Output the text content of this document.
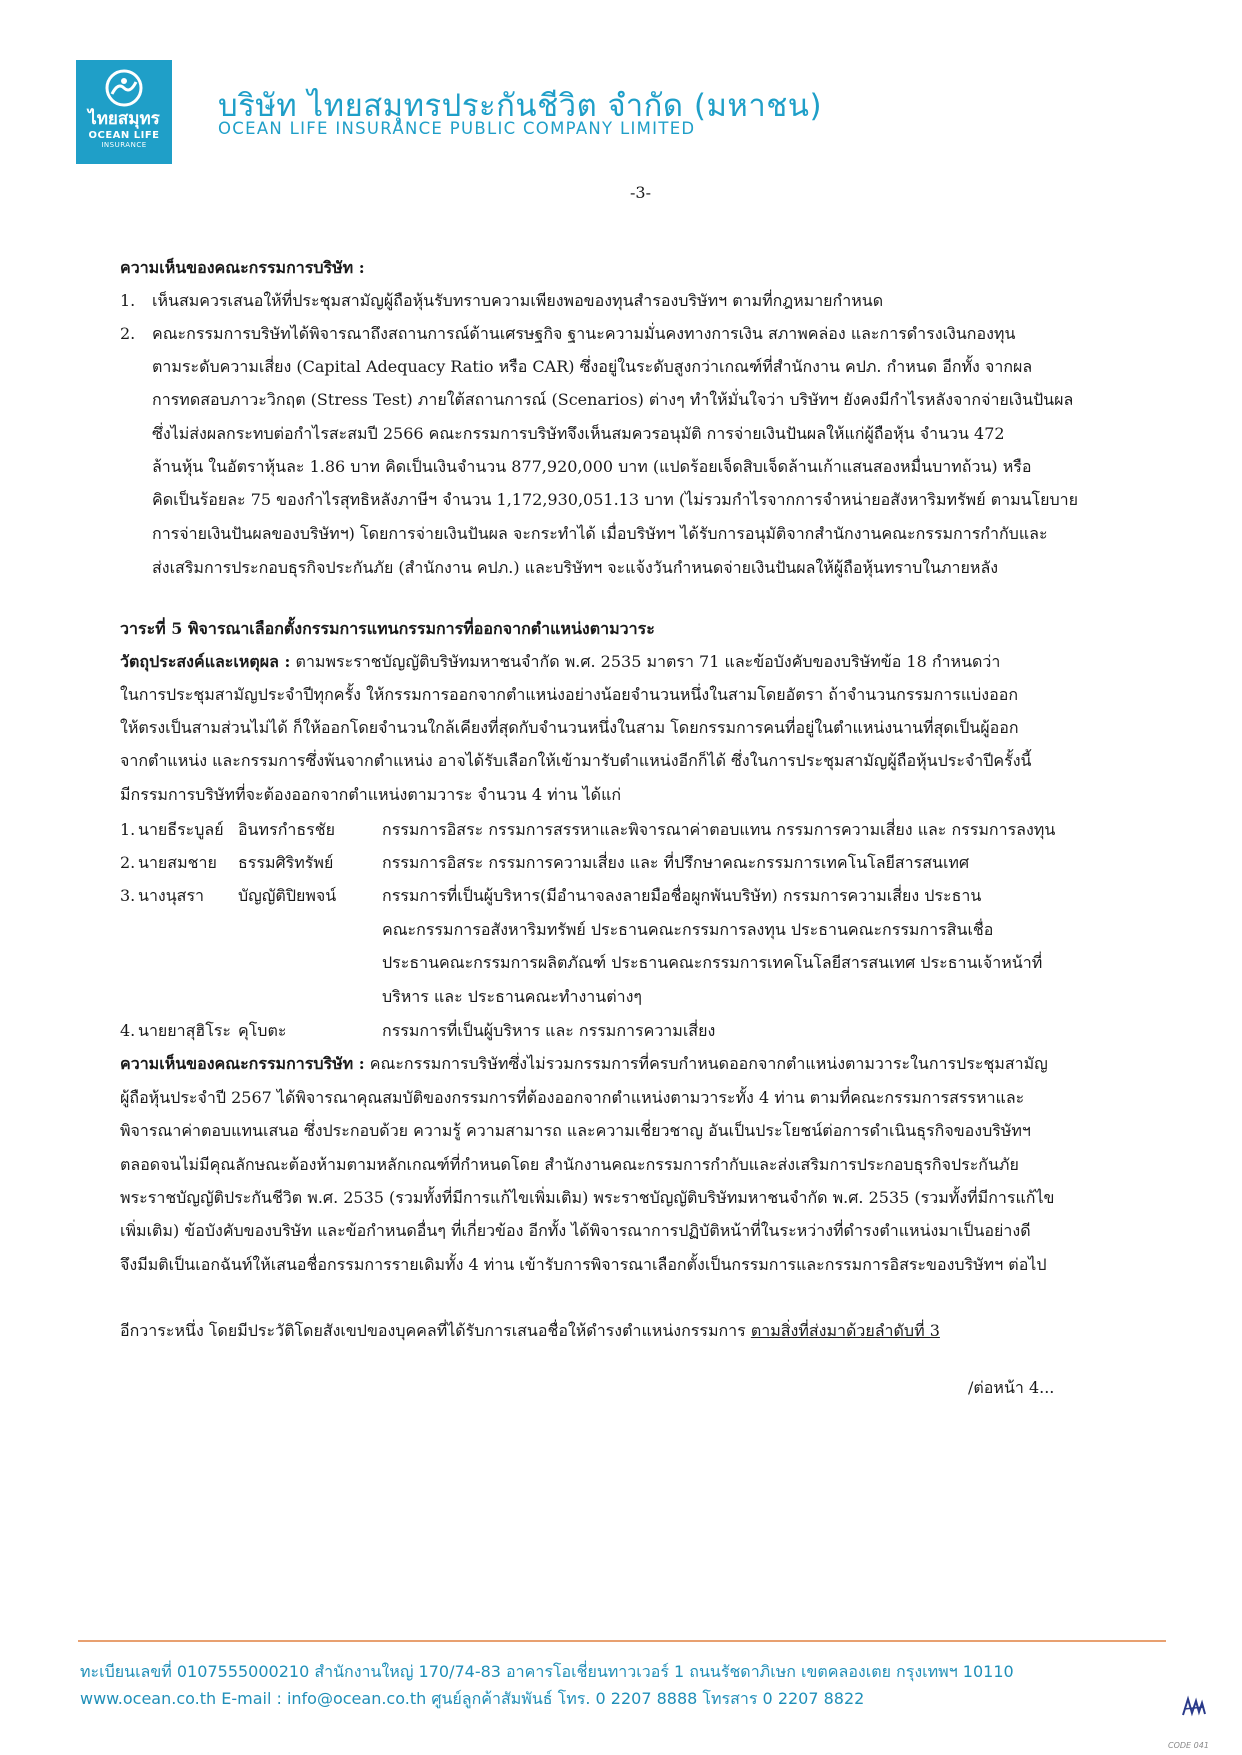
ไทยสมุทร
OCEAN LIFE
INSURANCE
บริษัท ไทยสมุทรประกันชีวิต จำกัด (มหาชน)
OCEAN LIFE INSURANCE PUBLIC COMPANY LIMITED
-3-
ความเห็นของคณะกรรมการบริษัท :
1. เห็นสมควรเสนอให้ที่ประชุมสามัญผู้ถือหุ้นรับทราบความเพียงพอของทุนสำรองบริษัทฯ ตามที่กฎหมายกำหนด
2. คณะกรรมการบริษัทได้พิจารณาถึงสถานการณ์ด้านเศรษฐกิจ ฐานะความมั่นคงทางการเงิน สภาพคล่อง และการดำรงเงินกองทุน
ตามระดับความเสี่ยง (Capital Adequacy Ratio หรือ CAR) ซึ่งอยู่ในระดับสูงกว่าเกณฑ์ที่สำนักงาน คปภ. กำหนด อีกทั้ง จากผล
การทดสอบภาวะวิกฤต (Stress Test) ภายใต้สถานการณ์ (Scenarios) ต่างๆ ทำให้มั่นใจว่า บริษัทฯ ยังคงมีกำไรหลังจากจ่ายเงินปันผล
ซึ่งไม่ส่งผลกระทบต่อกำไรสะสมปี 2566 คณะกรรมการบริษัทจึงเห็นสมควรอนุมัติ การจ่ายเงินปันผลให้แก่ผู้ถือหุ้น จำนวน 472
ล้านหุ้น ในอัตราหุ้นละ 1.86 บาท คิดเป็นเงินจำนวน 877,920,000 บาท (แปดร้อยเจ็ดสิบเจ็ดล้านเก้าแสนสองหมื่นบาทถ้วน) หรือ
คิดเป็นร้อยละ 75 ของกำไรสุทธิหลังภาษีฯ จำนวน 1,172,930,051.13 บาท (ไม่รวมกำไรจากการจำหน่ายอสังหาริมทรัพย์ ตามนโยบาย
การจ่ายเงินปันผลของบริษัทฯ) โดยการจ่ายเงินปันผล จะกระทำได้ เมื่อบริษัทฯ ได้รับการอนุมัติจากสำนักงานคณะกรรมการกำกับและ
ส่งเสริมการประกอบธุรกิจประกันภัย (สำนักงาน คปภ.) และบริษัทฯ จะแจ้งวันกำหนดจ่ายเงินปันผลให้ผู้ถือหุ้นทราบในภายหลัง
วาระที่ 5 พิจารณาเลือกตั้งกรรมการแทนกรรมการที่ออกจากตำแหน่งตามวาระ
วัตถุประสงค์และเหตุผล : ตามพระราชบัญญัติบริษัทมหาชนจำกัด พ.ศ. 2535 มาตรา 71 และข้อบังคับของบริษัทข้อ 18 กำหนดว่า
ในการประชุมสามัญประจำปีทุกครั้ง ให้กรรมการออกจากตำแหน่งอย่างน้อยจำนวนหนึ่งในสามโดยอัตรา ถ้าจำนวนกรรมการแบ่งออก
ให้ตรงเป็นสามส่วนไม่ได้ ก็ให้ออกโดยจำนวนใกล้เคียงที่สุดกับจำนวนหนึ่งในสาม โดยกรรมการคนที่อยู่ในตำแหน่งนานที่สุดเป็นผู้ออก
จากตำแหน่ง และกรรมการซึ่งพ้นจากตำแหน่ง อาจได้รับเลือกให้เข้ามารับตำแหน่งอีกก็ได้ ซึ่งในการประชุมสามัญผู้ถือหุ้นประจำปีครั้งนี้
มีกรรมการบริษัทที่จะต้องออกจากตำแหน่งตามวาระ จำนวน 4 ท่าน ได้แก่
1. นายธีระบูลย์ อินทรกำธรชัย	กรรมการอิสระ กรรมการสรรหาและพิจารณาค่าตอบแทน กรรมการความเสี่ยง และ กรรมการลงทุน
2. นายสมชาย ธรรมศิริทรัพย์	กรรมการอิสระ กรรมการความเสี่ยง และ ที่ปรึกษาคณะกรรมการเทคโนโลยีสารสนเทศ
3. นางนุสรา บัญญัติปิยพจน์	กรรมการที่เป็นผู้บริหาร(มีอำนาจลงลายมือชื่อผูกพันบริษัท) กรรมการความเสี่ยง ประธาน
คณะกรรมการอสังหาริมทรัพย์ ประธานคณะกรรมการลงทุน ประธานคณะกรรมการสินเชื่อ
ประธานคณะกรรมการผลิตภัณฑ์ ประธานคณะกรรมการเทคโนโลยีสารสนเทศ ประธานเจ้าหน้าที่
บริหาร และ ประธานคณะทำงานต่างๆ
4. นายยาสุฮิโระ คุโบตะ	กรรมการที่เป็นผู้บริหาร และ กรรมการความเสี่ยง
ความเห็นของคณะกรรมการบริษัท : คณะกรรมการบริษัทซึ่งไม่รวมกรรมการที่ครบกำหนดออกจากตำแหน่งตามวาระในการประชุมสามัญ
ผู้ถือหุ้นประจำปี 2567 ได้พิจารณาคุณสมบัติของกรรมการที่ต้องออกจากตำแหน่งตามวาระทั้ง 4 ท่าน ตามที่คณะกรรมการสรรหาและ
พิจารณาค่าตอบแทนเสนอ ซึ่งประกอบด้วย ความรู้ ความสามารถ และความเชี่ยวชาญ อันเป็นประโยชน์ต่อการดำเนินธุรกิจของบริษัทฯ
ตลอดจนไม่มีคุณลักษณะต้องห้ามตามหลักเกณฑ์ที่กำหนดโดย สำนักงานคณะกรรมการกำกับและส่งเสริมการประกอบธุรกิจประกันภัย
พระราชบัญญัติประกันชีวิต พ.ศ. 2535 (รวมทั้งที่มีการแก้ไขเพิ่มเติม) พระราชบัญญัติบริษัทมหาชนจำกัด พ.ศ. 2535 (รวมทั้งที่มีการแก้ไข
เพิ่มเติม) ข้อบังคับของบริษัท และข้อกำหนดอื่นๆ ที่เกี่ยวข้อง อีกทั้ง ได้พิจารณาการปฏิบัติหน้าที่ในระหว่างที่ดำรงตำแหน่งมาเป็นอย่างดี
จึงมีมติเป็นเอกฉันท์ให้เสนอชื่อกรรมการรายเดิมทั้ง 4 ท่าน เข้ารับการพิจารณาเลือกตั้งเป็นกรรมการและกรรมการอิสระของบริษัทฯ ต่อไป
อีกวาระหนึ่ง โดยมีประวัติโดยสังเขปของบุคคลที่ได้รับการเสนอชื่อให้ดำรงตำแหน่งกรรมการ ตามสิ่งที่ส่งมาด้วยลำดับที่ 3
/ต่อหน้า 4...
ทะเบียนเลขที่ 0107555000210 สำนักงานใหญ่ 170/74-83 อาคารโอเชี่ยนทาวเวอร์ 1 ถนนรัชดาภิเษก เขตคลองเตย กรุงเทพฯ 10110
www.ocean.co.th E-mail : info@ocean.co.th ศูนย์ลูกค้าสัมพันธ์ โทร. 0 2207 8888 โทรสาร 0 2207 8822
CODE 041
